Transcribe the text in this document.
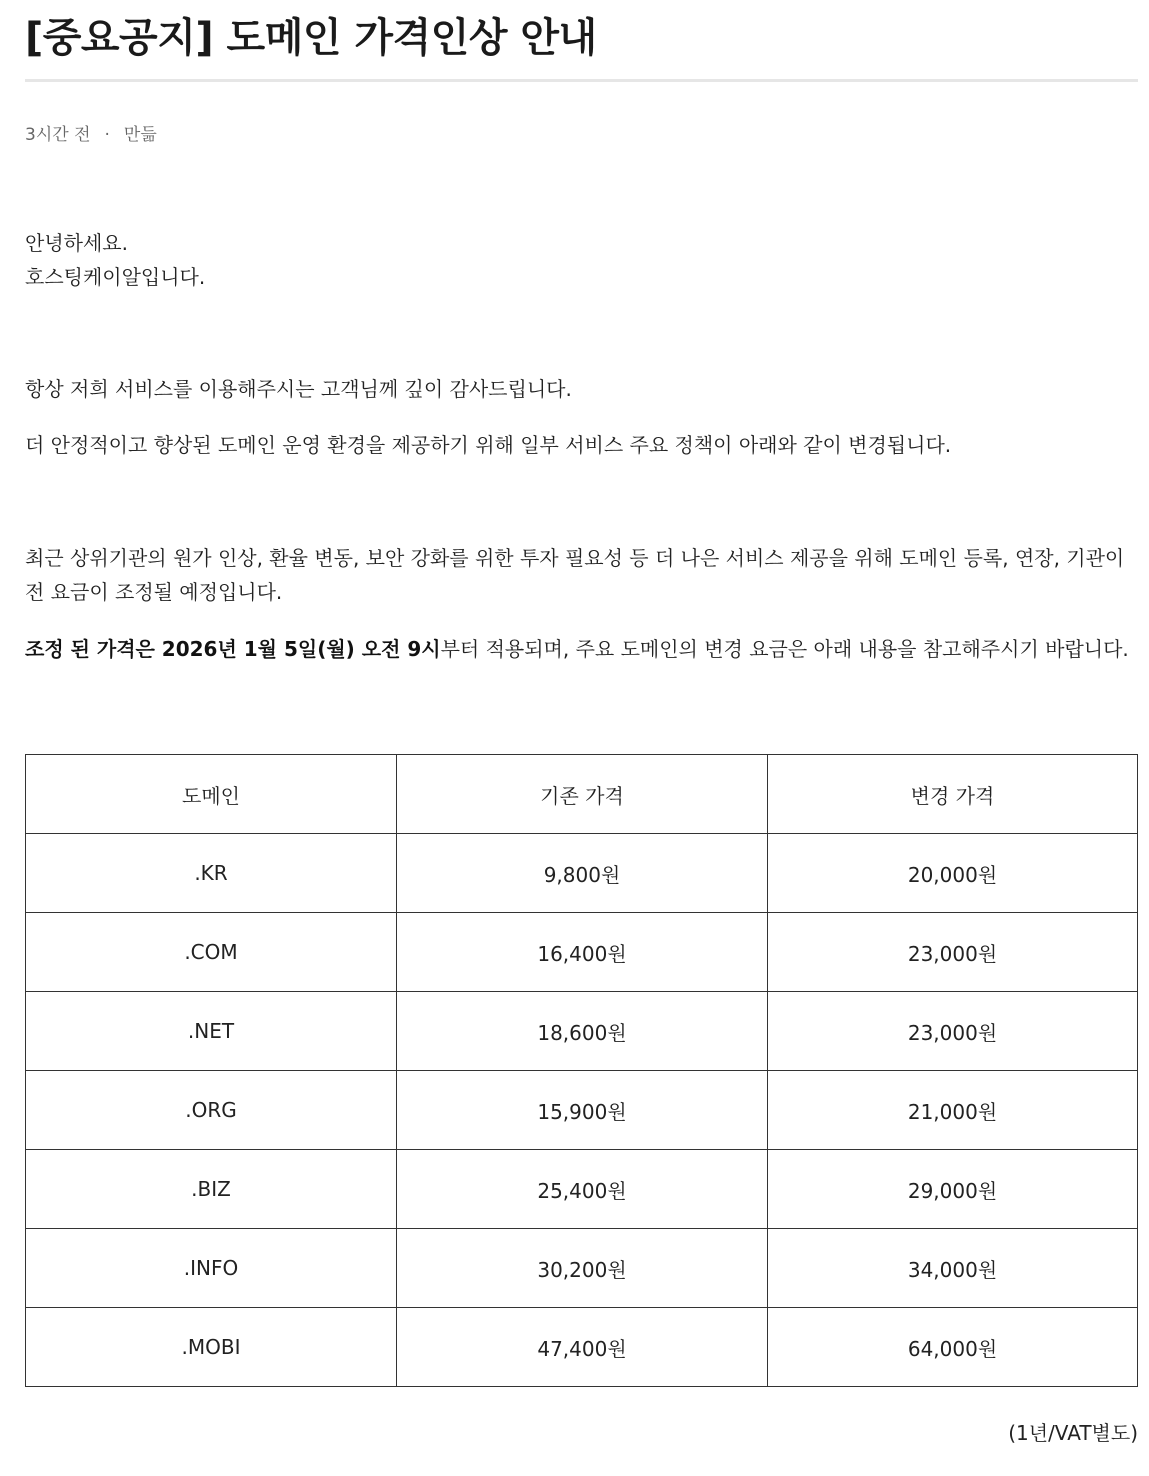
[중요공지] 도메인 가격인상 안내
3시간 전 · 만듦

안녕하세요.

호스팅케이알입니다.

항상 저희 서비스를 이용해주시는 고객님께 깊이 감사드립니다.

더 안정적이고 향상된 도메인 운영 환경을 제공하기 위해 일부 서비스 주요 정책이 아래와 같이 변경됩니다.

최근 상위기관의 원가 인상, 환율 변동, 보안 강화를 위한 투자 필요성 등 더 나은 서비스 제공을 위해 도메인 등록, 연장, 기관이전 요금이 조정될 예정입니다.

조정 된 가격은 2026년 1월 5일(월) 오전 9시부터 적용되며, 주요 도메인의 변경 요금은 아래 내용을 참고해주시기 바랍니다.

도메인	기존 가격	변경 가격
.KR	9,800원	20,000원
.COM	16,400원	23,000원
.NET	18,600원	23,000원
.ORG	15,900원	21,000원
.BIZ	25,400원	29,000원
.INFO	30,200원	34,000원
.MOBI	47,400원	64,000원
(1년/VAT별도)
